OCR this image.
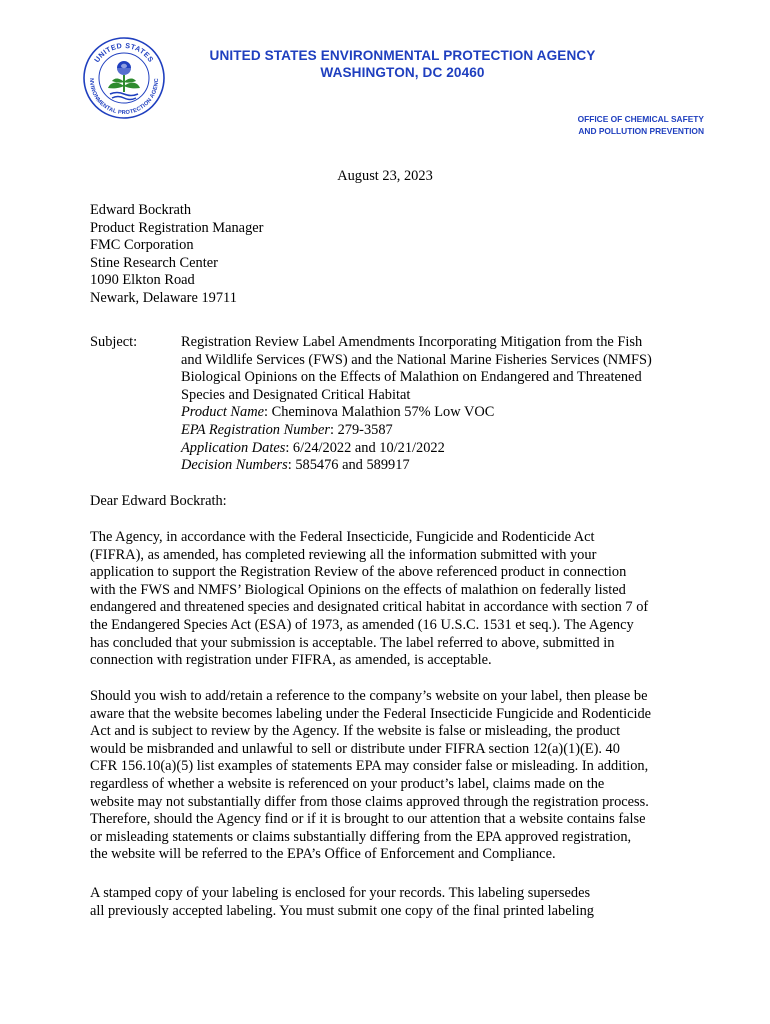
UNITED STATES
NVIRONMENTAL PROTECTION AGENC
UNITED STATES ENVIRONMENTAL PROTECTION AGENCY
WASHINGTON, DC 20460
OFFICE OF CHEMICAL SAFETY
AND POLLUTION PREVENTION
August 23, 2023
Edward Bockrath
Product Registration Manager
FMC Corporation
Stine Research Center
1090 Elkton Road
Newark, Delaware 19711
Subject:	Registration Review Label Amendments Incorporating Mitigation from the Fish
and Wildlife Services (FWS) and the National Marine Fisheries Services (NMFS)
Biological Opinions on the Effects of Malathion on Endangered and Threatened
Species and Designated Critical Habitat
Product Name: Cheminova Malathion 57% Low VOC
EPA Registration Number: 279-3587
Application Dates: 6/24/2022 and 10/21/2022
Decision Numbers: 585476 and 589917
Dear Edward Bockrath:
The Agency, in accordance with the Federal Insecticide, Fungicide and Rodenticide Act
(FIFRA), as amended, has completed reviewing all the information submitted with your
application to support the Registration Review of the above referenced product in connection
with the FWS and NMFS’ Biological Opinions on the effects of malathion on federally listed
endangered and threatened species and designated critical habitat in accordance with section 7 of
the Endangered Species Act (ESA) of 1973, as amended (16 U.S.C. 1531 et seq.). The Agency
has concluded that your submission is acceptable. The label referred to above, submitted in
connection with registration under FIFRA, as amended, is acceptable.
Should you wish to add/retain a reference to the company’s website on your label, then please be
aware that the website becomes labeling under the Federal Insecticide Fungicide and Rodenticide
Act and is subject to review by the Agency. If the website is false or misleading, the product
would be misbranded and unlawful to sell or distribute under FIFRA section 12(a)(1)(E). 40
CFR 156.10(a)(5) list examples of statements EPA may consider false or misleading. In addition,
regardless of whether a website is referenced on your product’s label, claims made on the
website may not substantially differ from those claims approved through the registration process.
Therefore, should the Agency find or if it is brought to our attention that a website contains false
or misleading statements or claims substantially differing from the EPA approved registration,
the website will be referred to the EPA’s Office of Enforcement and Compliance.
A stamped copy of your labeling is enclosed for your records. This labeling supersedes
all previously accepted labeling. You must submit one copy of the final printed labeling
